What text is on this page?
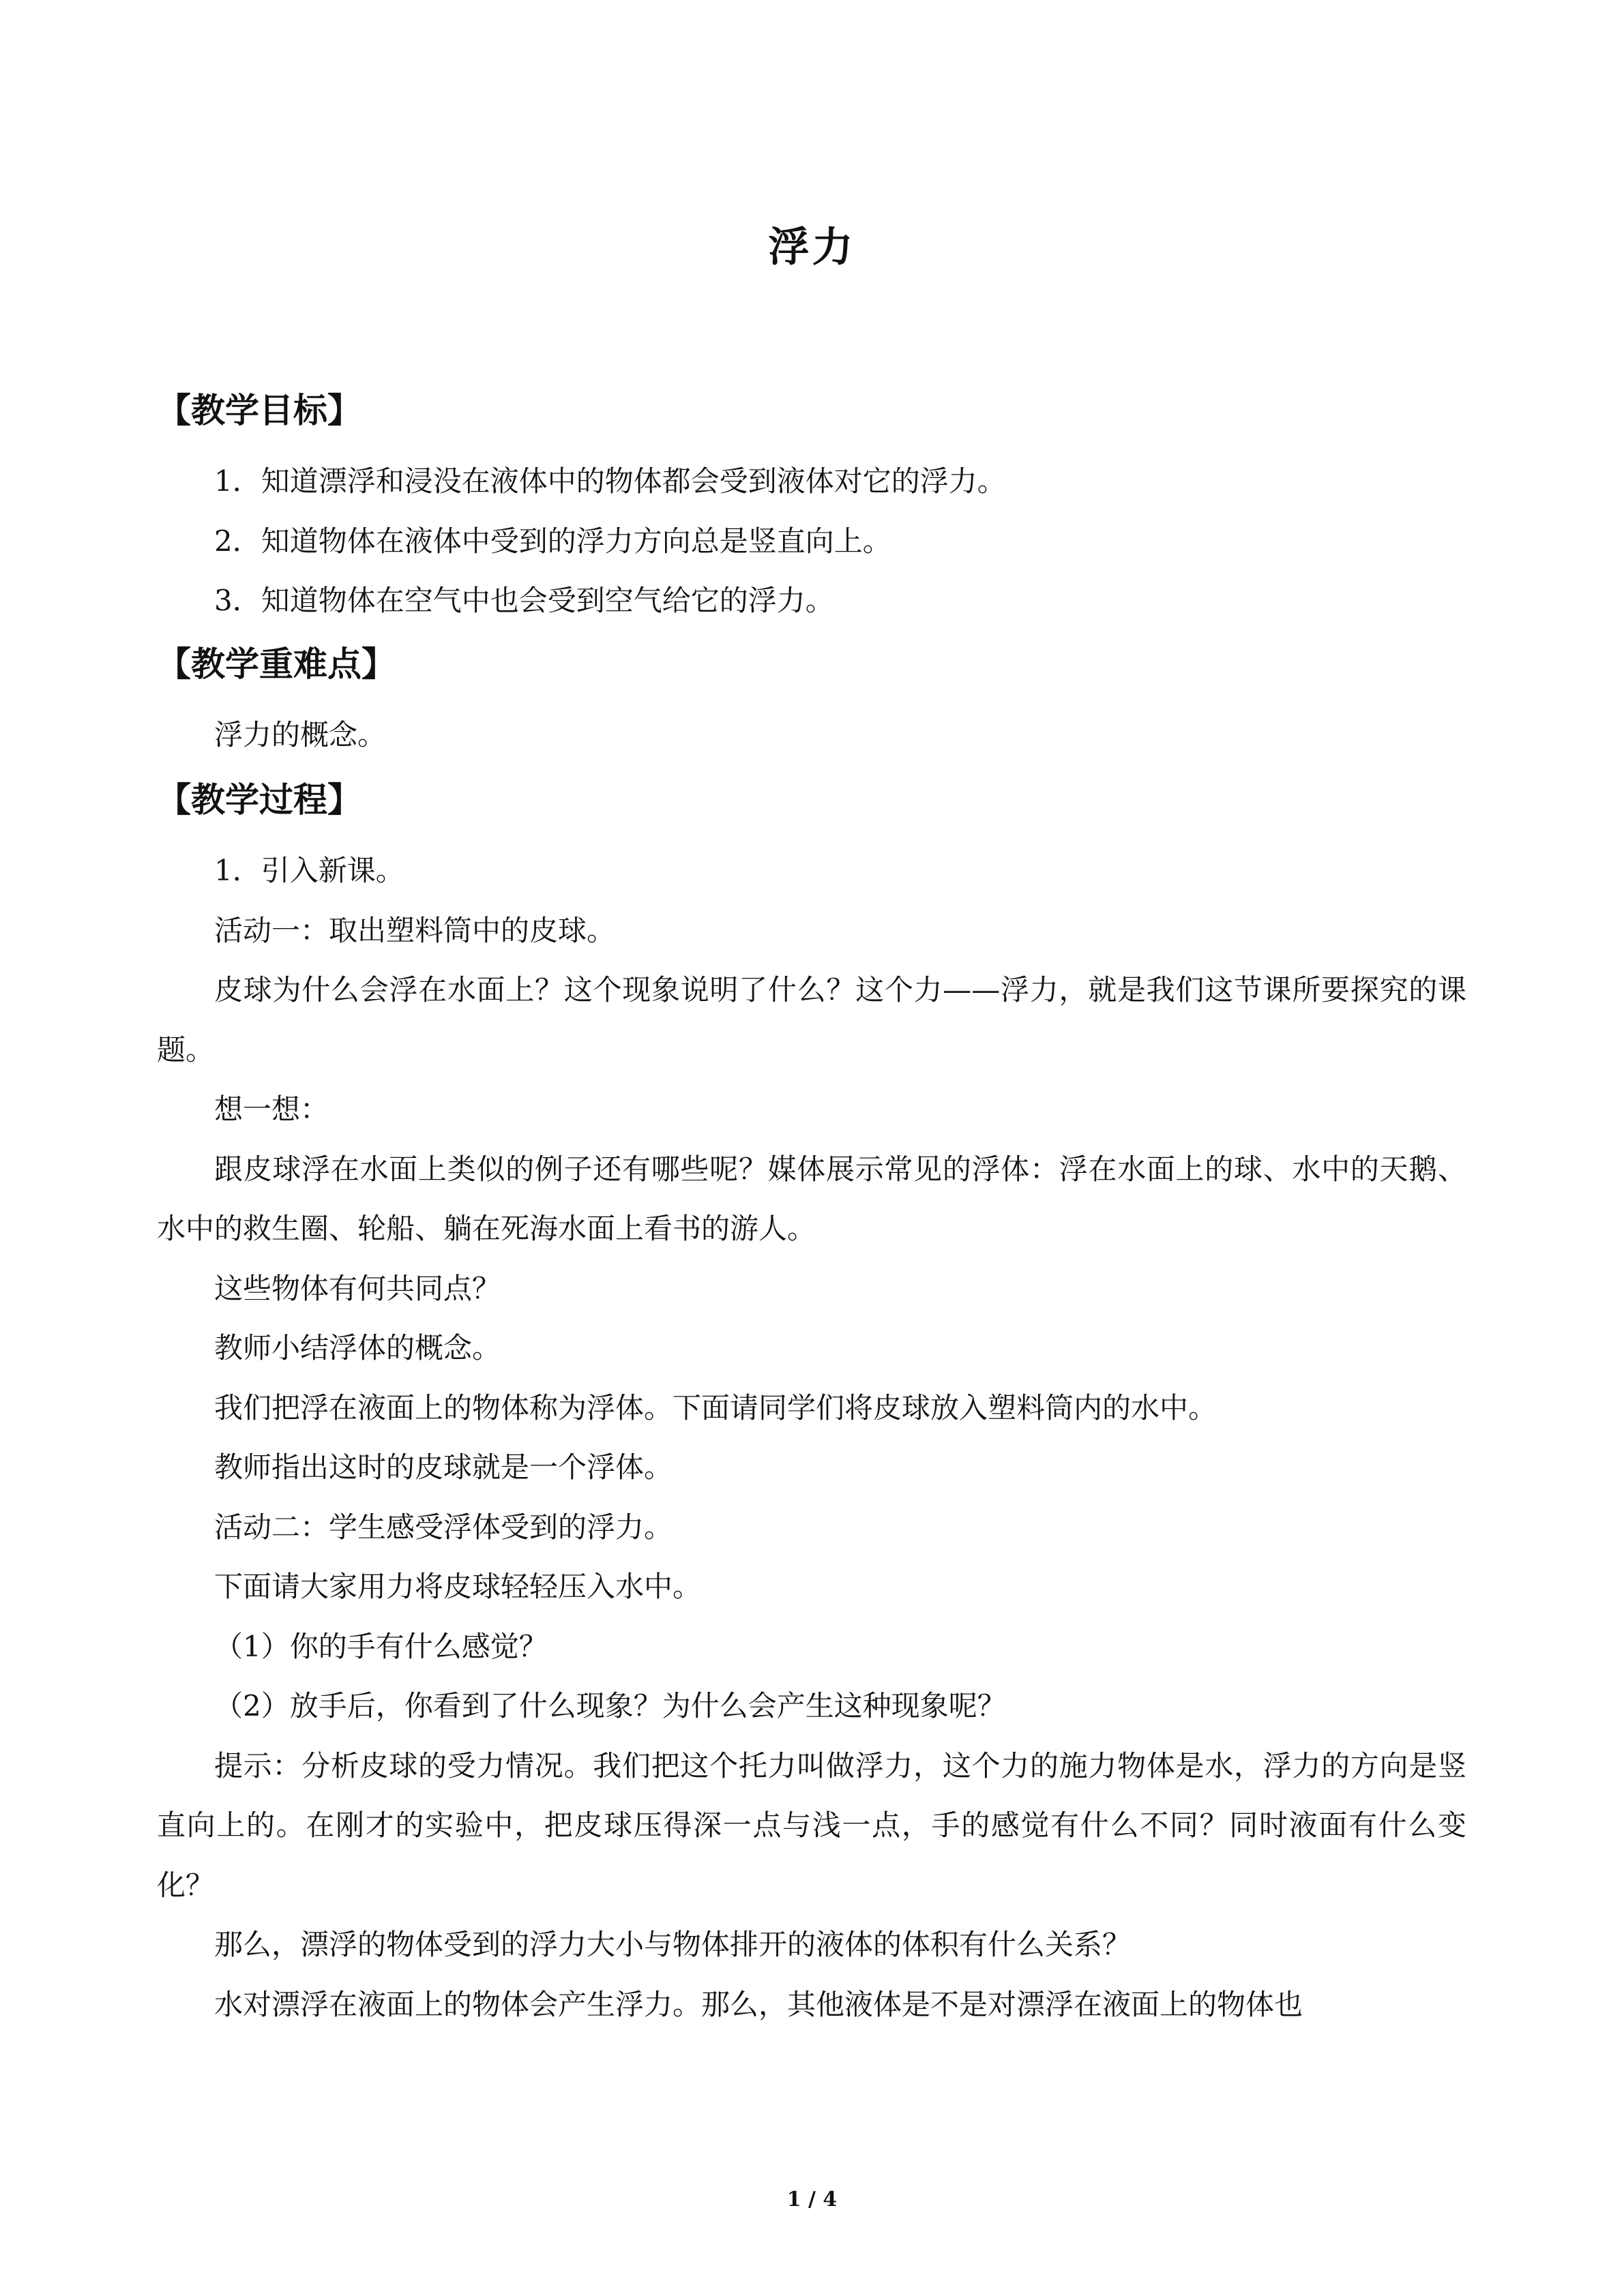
浮力
【教学目标】

1．知道漂浮和浸没在液体中的物体都会受到液体对它的浮力。

2．知道物体在液体中受到的浮力方向总是竖直向上。

3．知道物体在空气中也会受到空气给它的浮力。

【教学重难点】

浮力的概念。

【教学过程】

1．引入新课。

活动一：取出塑料筒中的皮球。

皮球为什么会浮在水面上？这个现象说明了什么？这个力——浮力，就是我们这节课所要探究的课题。

想一想：

跟皮球浮在水面上类似的例子还有哪些呢？媒体展示常见的浮体：浮在水面上的球、水中的天鹅、水中的救生圈、轮船、躺在死海水面上看书的游人。

这些物体有何共同点？

教师小结浮体的概念。

我们把浮在液面上的物体称为浮体。下面请同学们将皮球放入塑料筒内的水中。

教师指出这时的皮球就是一个浮体。

活动二：学生感受浮体受到的浮力。

下面请大家用力将皮球轻轻压入水中。

（1）你的手有什么感觉？

（2）放手后，你看到了什么现象？为什么会产生这种现象呢？

提示：分析皮球的受力情况。我们把这个托力叫做浮力，这个力的施力物体是水，浮力的方向是竖直向上的。在刚才的实验中，把皮球压得深一点与浅一点，手的感觉有什么不同？同时液面有什么变化？

那么，漂浮的物体受到的浮力大小与物体排开的液体的体积有什么关系？

水对漂浮在液面上的物体会产生浮力。那么，其他液体是不是对漂浮在液面上的物体也

1 / 4
